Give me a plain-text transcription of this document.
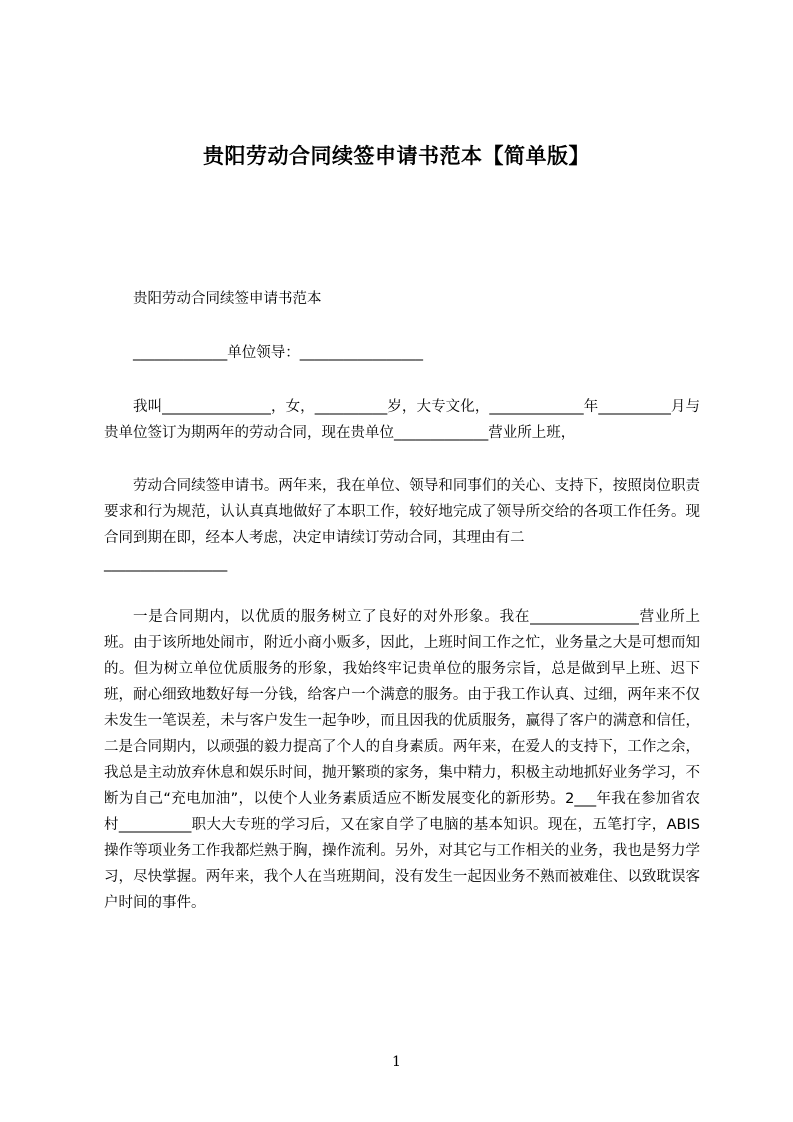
贵阳劳动合同续签申请书范本【简单版】

贵阳劳动合同续签申请书范本

_____________单位领导：_________________

我叫_______________，女，__________岁，大专文化，_____________年__________月与贵单位签订为期两年的劳动合同，现在贵单位_____________营业所上班，

劳动合同续签申请书。两年来，我在单位、领导和同事们的关心、支持下，按照岗位职责要求和行为规范，认认真真地做好了本职工作，较好地完成了领导所交给的各项工作任务。现合同到期在即，经本人考虑，决定申请续订劳动合同，其理由有二

_________________

一是合同期内，以优质的服务树立了良好的对外形象。我在_______________营业所上班。由于该所地处闹市，附近小商小贩多，因此，上班时间工作之忙，业务量之大是可想而知的。但为树立单位优质服务的形象，我始终牢记贵单位的服务宗旨，总是做到早上班、迟下班，耐心细致地数好每一分钱，给客户一个满意的服务。由于我工作认真、过细，两年来不仅未发生一笔误差，未与客户发生一起争吵，而且因我的优质服务，赢得了客户的满意和信任，二是合同期内，以顽强的毅力提高了个人的自身素质。两年来，在爱人的支持下，工作之余，我总是主动放弃休息和娱乐时间，抛开繁琐的家务，集中精力，积极主动地抓好业务学习，不断为自己“充电加油”，以使个人业务素质适应不断发展变化的新形势。2___年我在参加省农村__________职大大专班的学习后，又在家自学了电脑的基本知识。现在，五笔打字，ABIS操作等项业务工作我都烂熟于胸，操作流利。另外，对其它与工作相关的业务，我也是努力学习，尽快掌握。两年来，我个人在当班期间，没有发生一起因业务不熟而被难住、以致耽误客户时间的事件。

1
